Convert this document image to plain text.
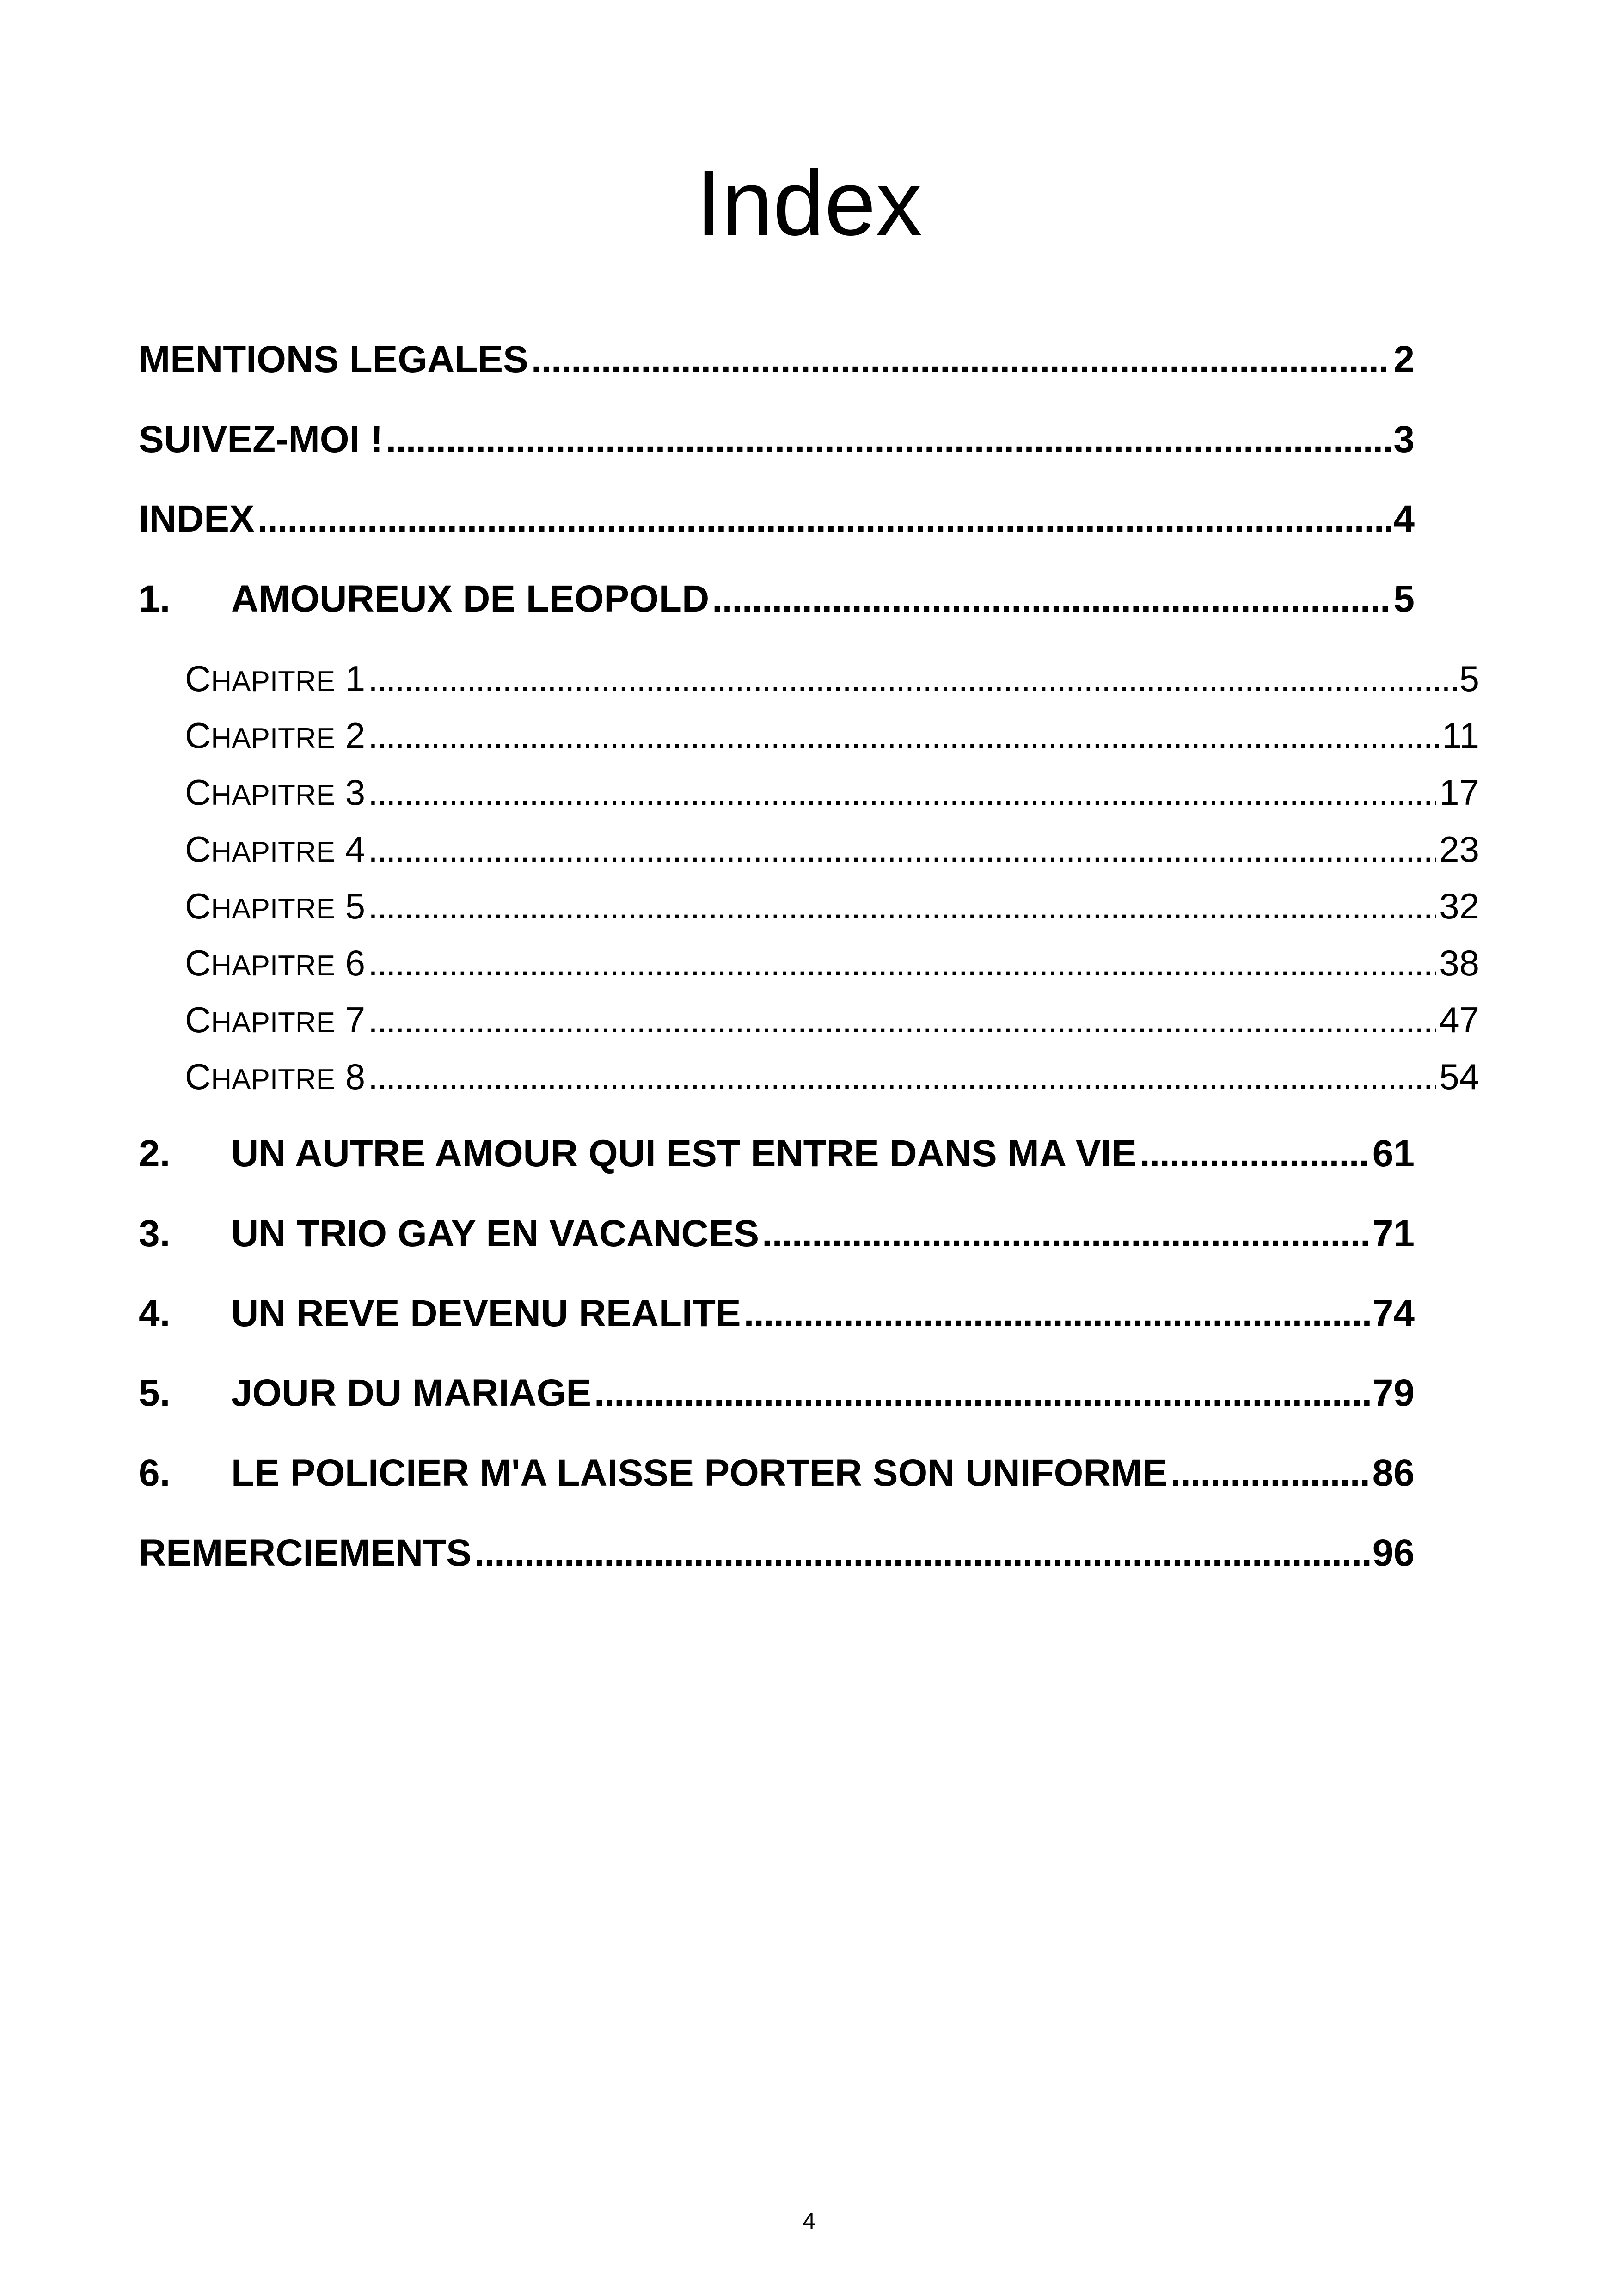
Index
MENTIONS LEGALES . . .	2
SUIVEZ-MOI ! . . .	3
INDEX . . .	4
1.	AMOUREUX DE LEOPOLD . . .	5
CHAPITRE 1 . . .	5
CHAPITRE 2 . . .	11
CHAPITRE 3 . . .	17
CHAPITRE 4 . . .	23
CHAPITRE 5 . . .	32
CHAPITRE 6 . . .	38
CHAPITRE 7 . . .	47
CHAPITRE 8 . . .	54
2.	UN AUTRE AMOUR QUI EST ENTRE DANS MA VIE . . .	61
3.	UN TRIO GAY EN VACANCES . . .	71
4.	UN REVE DEVENU REALITE . . .	74
5.	JOUR DU MARIAGE . . .	79
6.	LE POLICIER M'A LAISSE PORTER SON UNIFORME . . .	86
REMERCIEMENTS . . .	96
4
